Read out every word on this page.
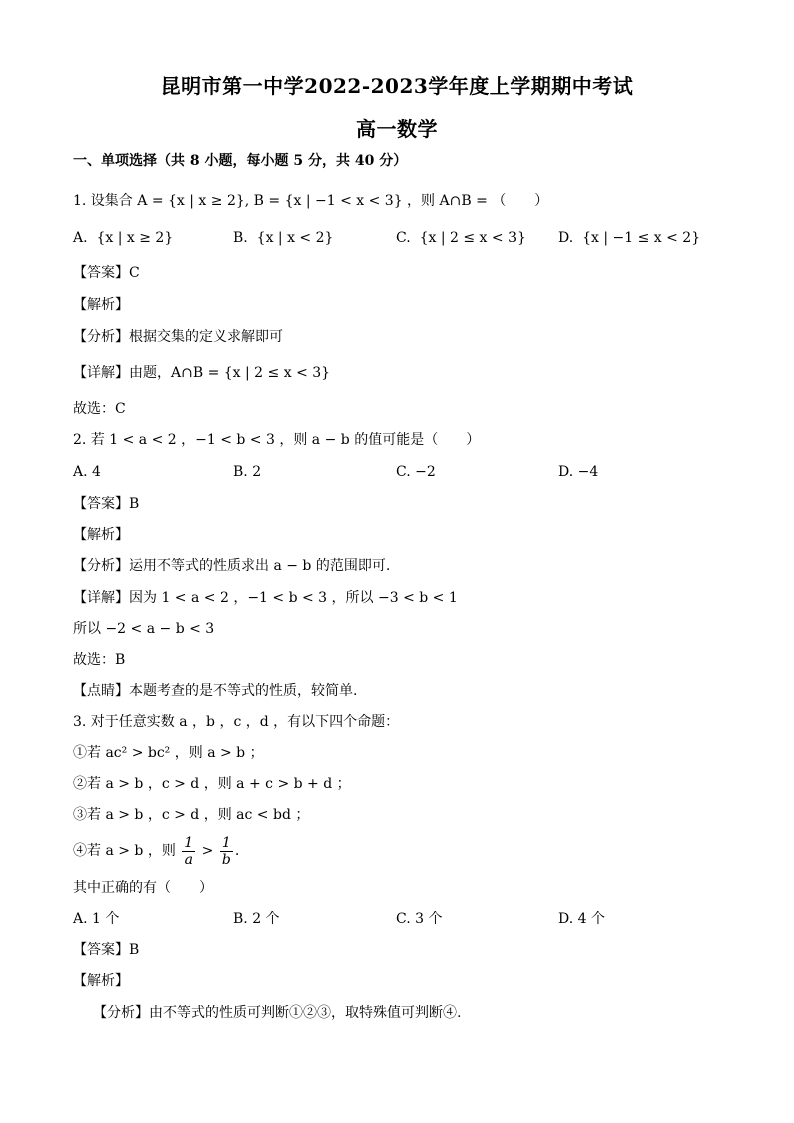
昆明市第一中学2022-2023学年度上学期期中考试
高一数学
一、单项选择（共 8 小题，每小题 5 分，共 40 分）
1. 设集合 A = {x | x ≥ 2}, B = {x | −1 < x < 3} ，则 A∩B = （　　）
A. {x | x ≥ 2}	B. {x | x < 2}	C. {x | 2 ≤ x < 3} D. {x | −1 ≤ x < 2}
【答案】C
【解析】
【分析】根据交集的定义求解即可
【详解】由题，A∩B = {x | 2 ≤ x < 3}
故选：C
2. 若 1 < a < 2 ，−1 < b < 3 ，则 a − b 的值可能是（　　）
A. 4	B. 2	C. −2	D. −4
【答案】B
【解析】
【分析】运用不等式的性质求出 a − b 的范围即可.
【详解】因为 1 < a < 2 ，−1 < b < 3 ，所以 −3 < b < 1
所以 −2 < a − b < 3
故选：B
【点睛】本题考查的是不等式的性质，较简单.
3. 对于任意实数 a ，b ，c ，d ，有以下四个命题：
①若 ac² > bc² ，则 a > b ；
②若 a > b ，c > d ，则 a + c > b + d ；
③若 a > b ，c > d ，则 ac < bd ；
④若 a > b ，则 $\frac{1}{a} > \frac{1}{b}$ .
其中正确的有（　　）
A. 1 个	B. 2 个	C. 3 个	D. 4 个
【答案】B
【解析】
【分析】由不等式的性质可判断①②③，取特殊值可判断④.
